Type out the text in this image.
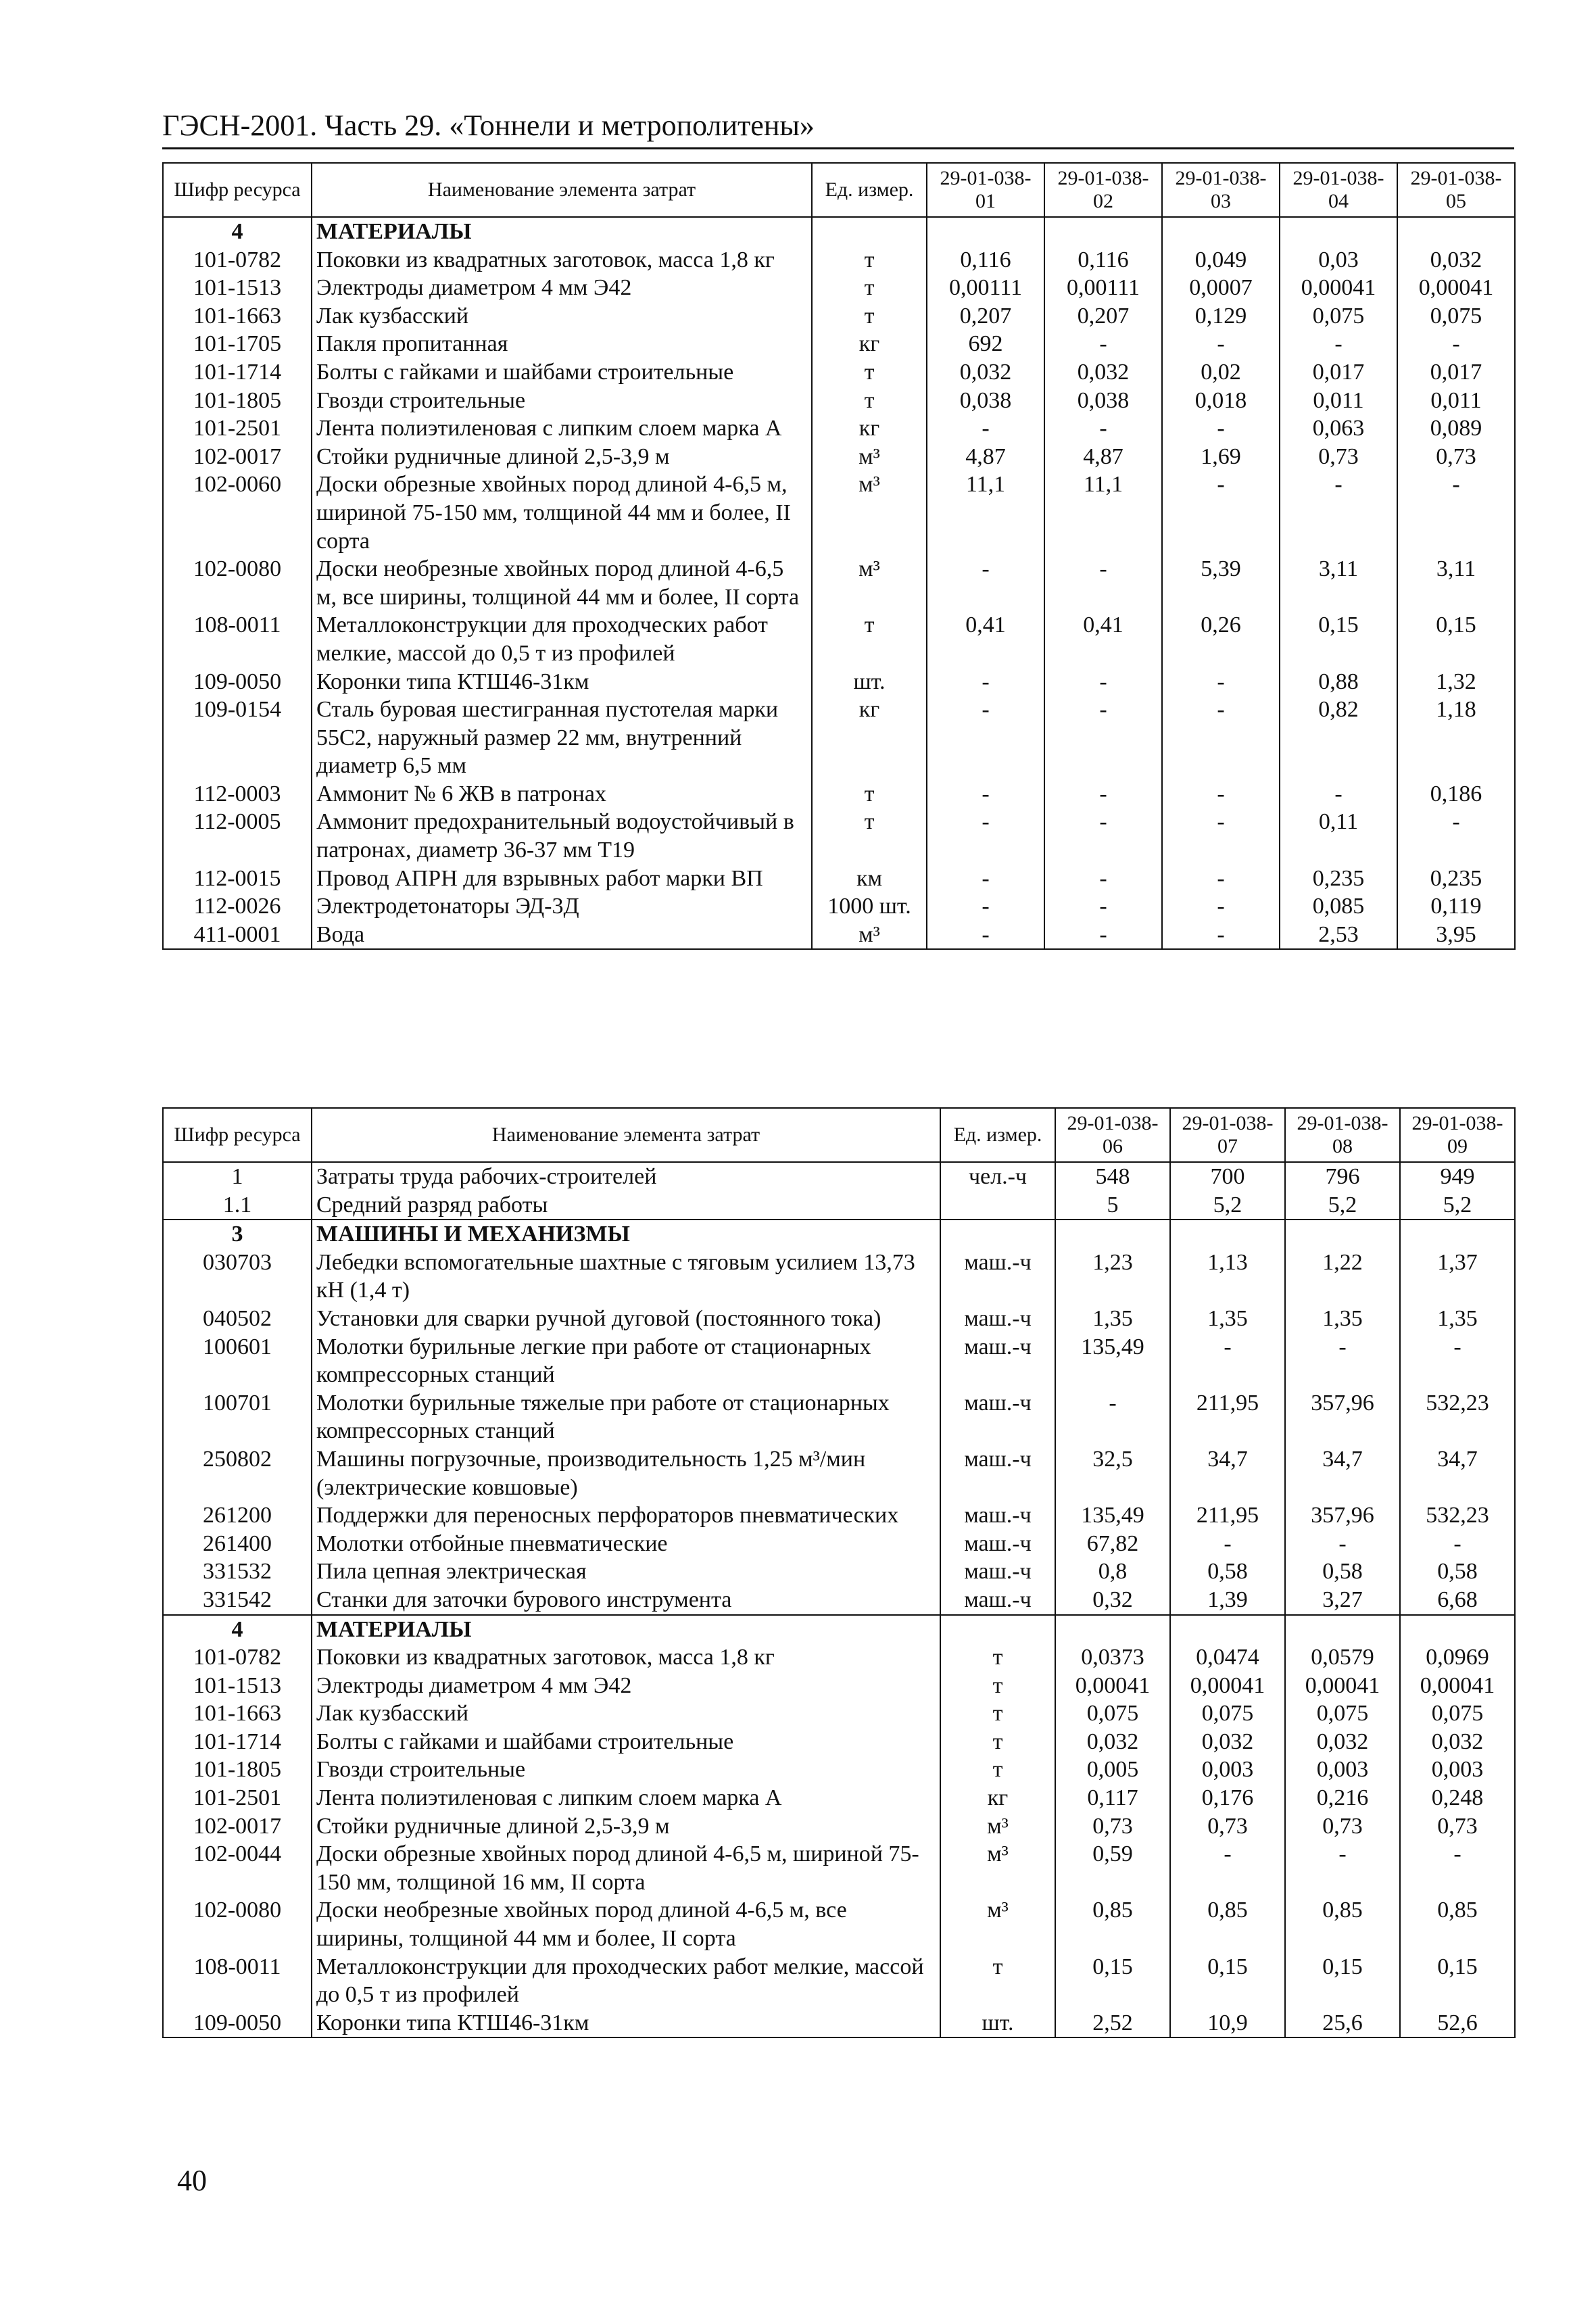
ГЭСН-2001. Часть 29. «Тоннели и метрополитены»
Шифр ресурса	Наименование элемента затрат	Ед. измер.	29-01-038-01	29-01-038-02	29-01-038-03	29-01-038-04	29-01-038-05
4	МАТЕРИАЛЫ						
101-0782	Поковки из квадратных заготовок, масса 1,8 кг	т	0,116	0,116	0,049	0,03	0,032
101-1513	Электроды диаметром 4 мм Э42	т	0,00111	0,00111	0,0007	0,00041	0,00041
101-1663	Лак кузбасский	т	0,207	0,207	0,129	0,075	0,075
101-1705	Пакля пропитанная	кг	692	-	-	-	-
101-1714	Болты с гайками и шайбами строительные	т	0,032	0,032	0,02	0,017	0,017
101-1805	Гвозди строительные	т	0,038	0,038	0,018	0,011	0,011
101-2501	Лента полиэтиленовая с липким слоем марка А	кг	-	-	-	0,063	0,089
102-0017	Стойки рудничные длиной 2,5-3,9 м	м³	4,87	4,87	1,69	0,73	0,73
102-0060	Доски обрезные хвойных пород длиной 4-6,5 м, шириной 75-150 мм, толщиной 44 мм и более, II сорта	м³	11,1	11,1	-	-	-
102-0080	Доски необрезные хвойных пород длиной 4-6,5 м, все ширины, толщиной 44 мм и более, II сорта	м³	-	-	5,39	3,11	3,11
108-0011	Металлоконструкции для проходческих работ мелкие, массой до 0,5 т из профилей	т	0,41	0,41	0,26	0,15	0,15
109-0050	Коронки типа КТШ46-31км	шт.	-	-	-	0,88	1,32
109-0154	Сталь буровая шестигранная пустотелая марки 55С2, наружный размер 22 мм, внутренний диаметр 6,5 мм	кг	-	-	-	0,82	1,18
112-0003	Аммонит № 6 ЖВ в патронах	т	-	-	-	-	0,186
112-0005	Аммонит предохранительный водоустойчивый в патронах, диаметр 36-37 мм Т19	т	-	-	-	0,11	-
112-0015	Провод АПРН для взрывных работ марки ВП	км	-	-	-	0,235	0,235
112-0026	Электродетонаторы ЭД-3Д	1000 шт.	-	-	-	0,085	0,119
411-0001	Вода	м³	-	-	-	2,53	3,95
Шифр ресурса	Наименование элемента затрат	Ед. измер.	29-01-038-06	29-01-038-07	29-01-038-08	29-01-038-09
1	Затраты труда рабочих-строителей	чел.-ч	548	700	796	949
1.1	Средний разряд работы		5	5,2	5,2	5,2
3	МАШИНЫ И МЕХАНИЗМЫ					
030703	Лебедки вспомогательные шахтные с тяговым усилием 13,73 кН (1,4 т)	маш.-ч	1,23	1,13	1,22	1,37
040502	Установки для сварки ручной дуговой (постоянного тока)	маш.-ч	1,35	1,35	1,35	1,35
100601	Молотки бурильные легкие при работе от стационарных компрессорных станций	маш.-ч	135,49	-	-	-
100701	Молотки бурильные тяжелые при работе от стационарных компрессорных станций	маш.-ч	-	211,95	357,96	532,23
250802	Машины погрузочные, производительность 1,25 м³/мин (электрические ковшовые)	маш.-ч	32,5	34,7	34,7	34,7
261200	Поддержки для переносных перфораторов пневматических	маш.-ч	135,49	211,95	357,96	532,23
261400	Молотки отбойные пневматические	маш.-ч	67,82	-	-	-
331532	Пила цепная электрическая	маш.-ч	0,8	0,58	0,58	0,58
331542	Станки для заточки бурового инструмента	маш.-ч	0,32	1,39	3,27	6,68
4	МАТЕРИАЛЫ					
101-0782	Поковки из квадратных заготовок, масса 1,8 кг	т	0,0373	0,0474	0,0579	0,0969
101-1513	Электроды диаметром 4 мм Э42	т	0,00041	0,00041	0,00041	0,00041
101-1663	Лак кузбасский	т	0,075	0,075	0,075	0,075
101-1714	Болты с гайками и шайбами строительные	т	0,032	0,032	0,032	0,032
101-1805	Гвозди строительные	т	0,005	0,003	0,003	0,003
101-2501	Лента полиэтиленовая с липким слоем марка А	кг	0,117	0,176	0,216	0,248
102-0017	Стойки рудничные длиной 2,5-3,9 м	м³	0,73	0,73	0,73	0,73
102-0044	Доски обрезные хвойных пород длиной 4-6,5 м, шириной 75-150 мм, толщиной 16 мм, II сорта	м³	0,59	-	-	-
102-0080	Доски необрезные хвойных пород длиной 4-6,5 м, все ширины, толщиной 44 мм и более, II сорта	м³	0,85	0,85	0,85	0,85
108-0011	Металлоконструкции для проходческих работ мелкие, массой до 0,5 т из профилей	т	0,15	0,15	0,15	0,15
109-0050	Коронки типа КТШ46-31км	шт.	2,52	10,9	25,6	52,6
40
